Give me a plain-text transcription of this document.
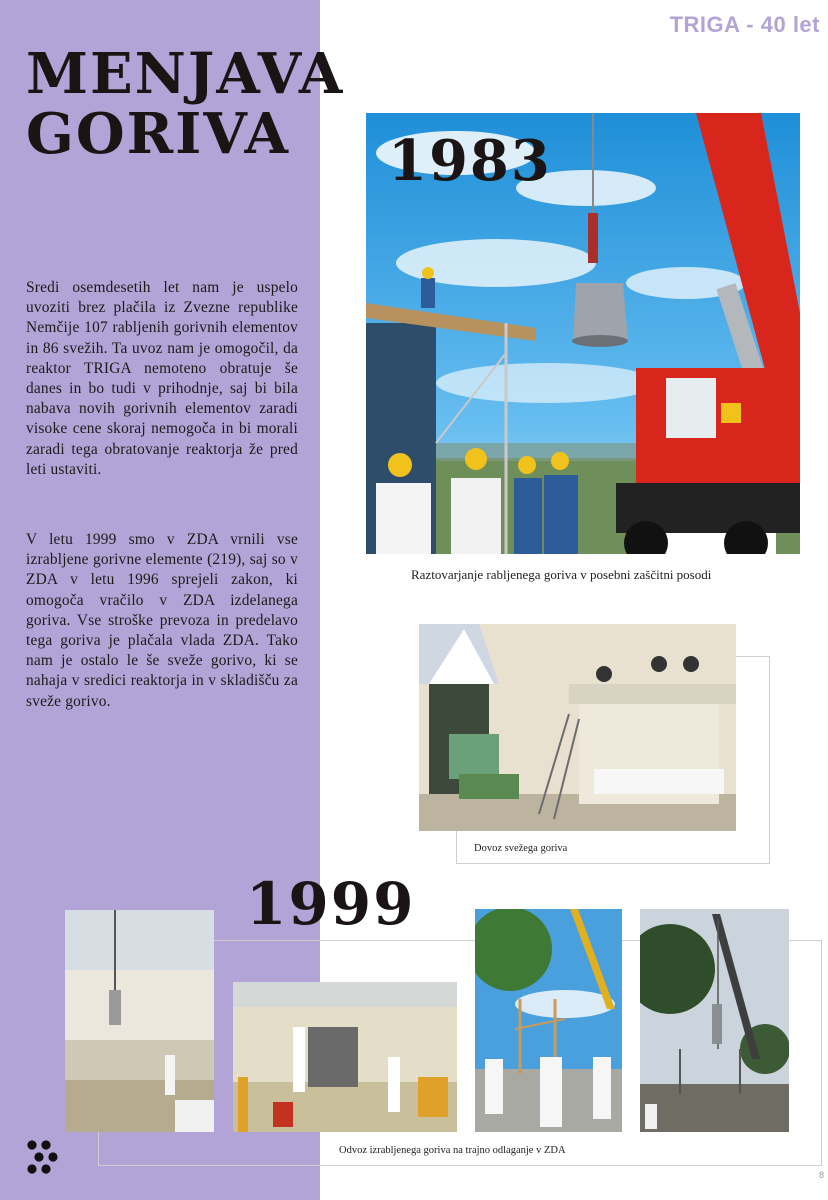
TRIGA - 40 let
MENJAVA
GORIVA

Sredi osemdesetih let nam je uspelo uvoziti brez plačila iz Zvezne republike Nemčije 107 rabljenih gorivnih elementov in 86 svežih. Ta uvoz nam je omogočil, da reaktor TRIGA nemoteno obratuje še danes in bo tudi v prihodnje, saj bi bila nabava novih gorivnih elementov zaradi visoke cene skoraj nemogoča in bi morali zaradi tega obratovanje reaktorja že pred leti ustaviti.

V letu 1999 smo v ZDA vrnili vse izrabljene gorivne elemente (219), saj so v ZDA v letu 1996 sprejeli zakon, ki omogoča vračilo v ZDA izdelanega goriva. Vse stroške prevoza in predelavo tega goriva je plačala vlada ZDA. Tako nam je ostalo le še sveže gorivo, ki se nahaja v sredici reaktorja in v skladišču za sveže gorivo.

1983
Raztovarjanje rabljenega goriva v posebni zaščitni posodi
Dovoz svežega goriva
1999
Odvoz izrabljenega goriva na trajno odlaganje v ZDA
8
